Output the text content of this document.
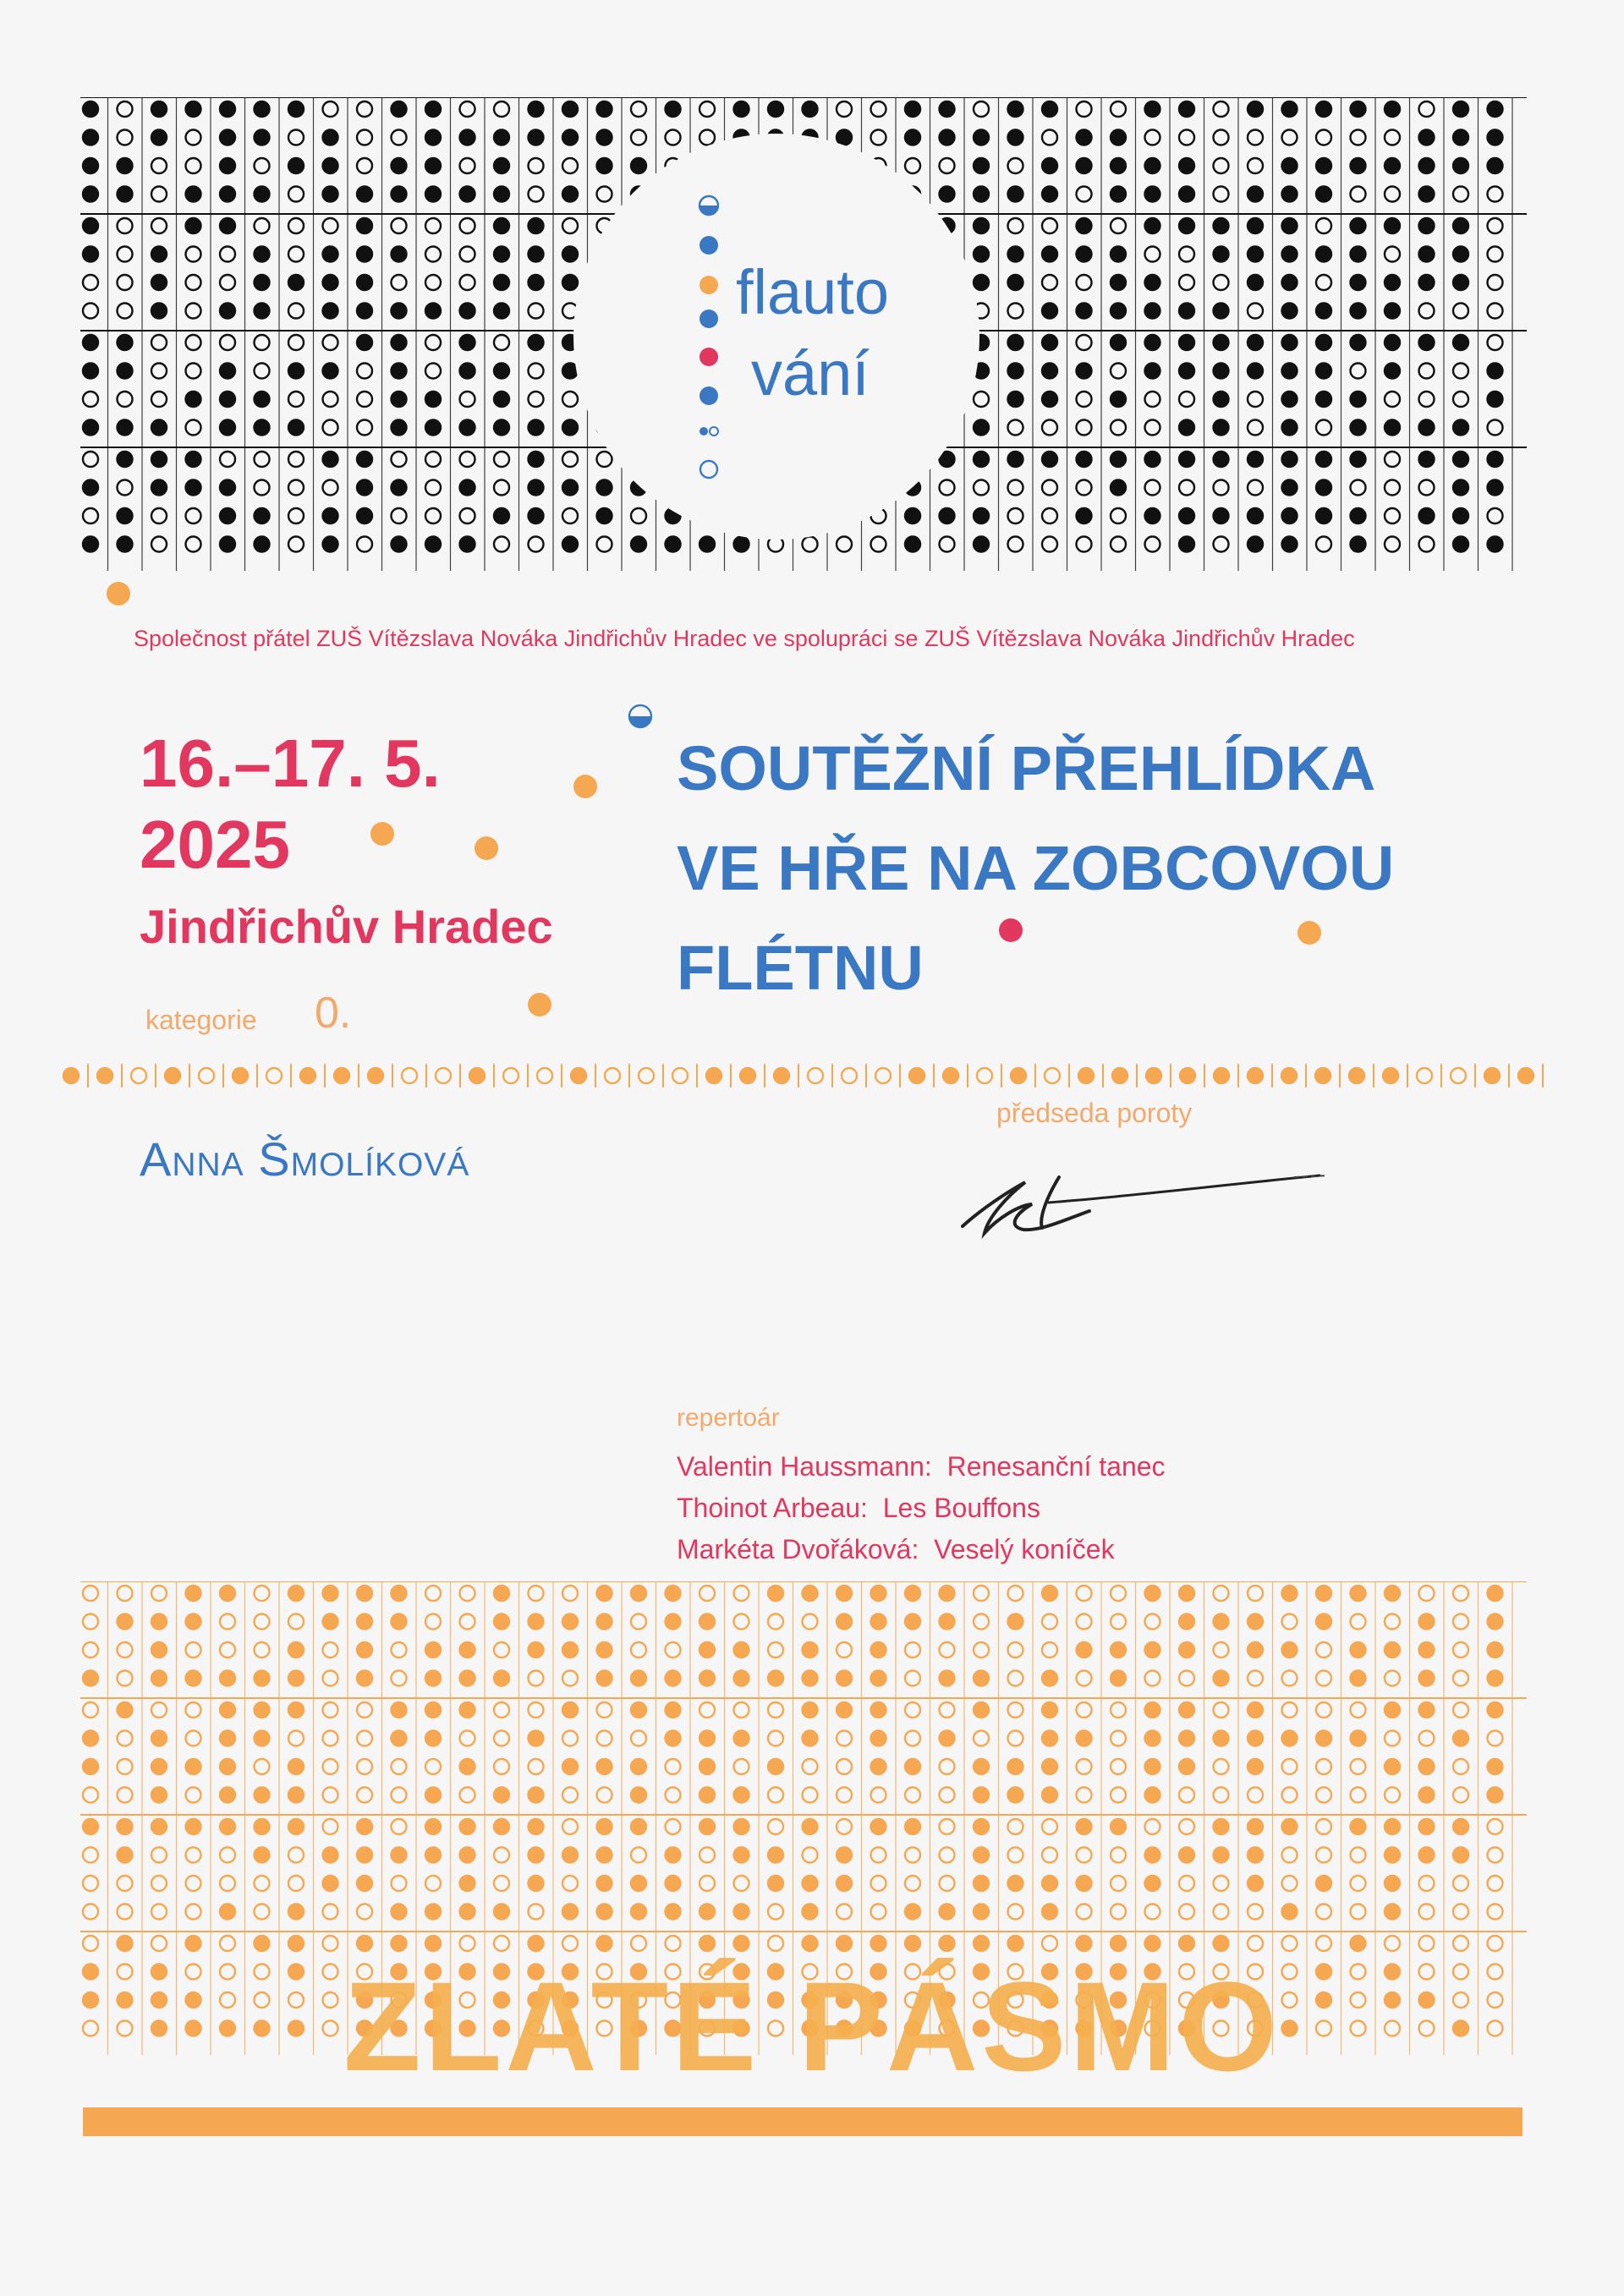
flauto
vání
Společnost přátel ZUŠ Vítězslava Nováka Jindřichův Hradec ve spolupráci se ZUŠ Vítězslava Nováka Jindřichův Hradec
16.–17. 5.
2025
Jindřichův Hradec
kategorie 0.
SOUTĚŽNÍ PŘEHLÍDKA
VE HŘE NA ZOBCOVOU
FLÉTNU
předseda poroty
Anna Šmolíková
repertoár
Valentin Haussmann: Renesanční tanec
Thoinot Arbeau: Les Bouffons
Markéta Dvořáková: Veselý koníček
ZLATÉ PÁSMO
